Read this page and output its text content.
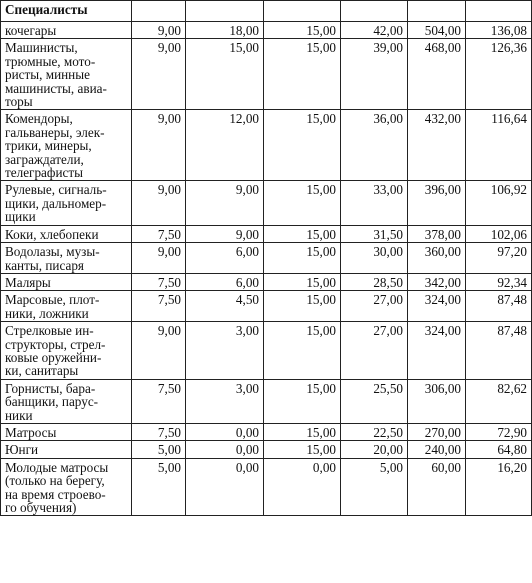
Специалисты						
кочегары	9,00	18,00	15,00	42,00	504,00	136,08
Машинисты,
трюмные, мото-
ристы, минные
машинисты, авиа-
торы	9,00	15,00	15,00	39,00	468,00	126,36
Комендоры,
гальванеры, элек-
трики, минеры,
заграждатели,
телеграфисты	9,00	12,00	15,00	36,00	432,00	116,64
Рулевые, сигналь-
щики, дальномер-
щики	9,00	9,00	15,00	33,00	396,00	106,92
Коки, хлебопеки	7,50	9,00	15,00	31,50	378,00	102,06
Водолазы, музы-
канты, писаря	9,00	6,00	15,00	30,00	360,00	97,20
Маляры	7,50	6,00	15,00	28,50	342,00	92,34
Марсовые, плот-
ники, ложники	7,50	4,50	15,00	27,00	324,00	87,48
Стрелковые ин-
структоры, стрел-
ковые оружейни-
ки, санитары	9,00	3,00	15,00	27,00	324,00	87,48
Горнисты, бара-
банщики, парус-
ники	7,50	3,00	15,00	25,50	306,00	82,62
Матросы	7,50	0,00	15,00	22,50	270,00	72,90
Юнги	5,00	0,00	15,00	20,00	240,00	64,80
Молодые матросы
(только на берегу,
на время строево-
го обучения)	5,00	0,00	0,00	5,00	60,00	16,20
